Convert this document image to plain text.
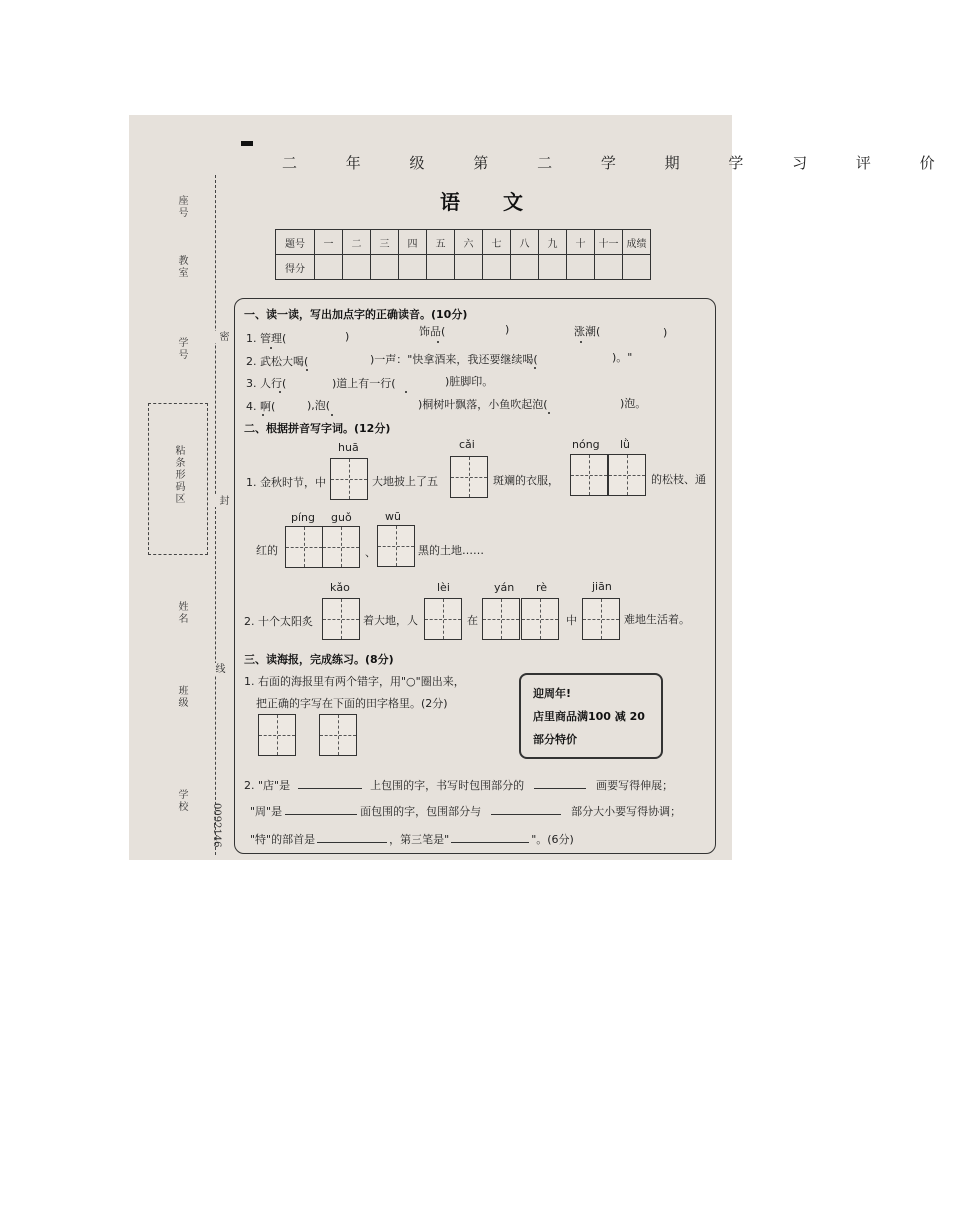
座号
教室
学号
粘条形码区
姓名
班级
学校
0092146
密
封
线
二 年 级 第 二 学 期 学 习 评 价
语 文
题号	一	二	三	四	五	六	七	八	九	十	十一	成绩
得分												
一、读一读，写出加点字的正确读音。(10分)
1. 管理(	)	饰品(	)	涨潮(	)
2. 武松大喝(	)一声："快拿酒来，我还要继续喝(	)。"
3. 人行(	)道上有一行(	)脏脚印。
4. 啊(	),泡(	)桐树叶飘落，小鱼吹起泡(	)泡。
二、根据拼音写字词。(12分)
huā	cǎi	nóng lǜ
1. 金秋时节，中	大地披上了五	斑斓的衣服，	的松枝、通
píng guǒ	wū
红的	、	黑的土地……
kǎo	lèi	yán rè	jiān
2. 十个太阳炙	着大地，人	在	中	难地生活着。
三、读海报，完成练习。(8分)
1. 右面的海报里有两个错字，用"○"圈出来，
把正确的字写在下面的田字格里。(2分)
迎周年!
店里商品满100 减 20
部分特价
2. "店"是	上包围的字，书写时包围部分的	画要写得伸展；
"周"是	面包围的字，包围部分与	部分大小要写得协调；
"特"的部首是	，第三笔是"	"。(6分)
